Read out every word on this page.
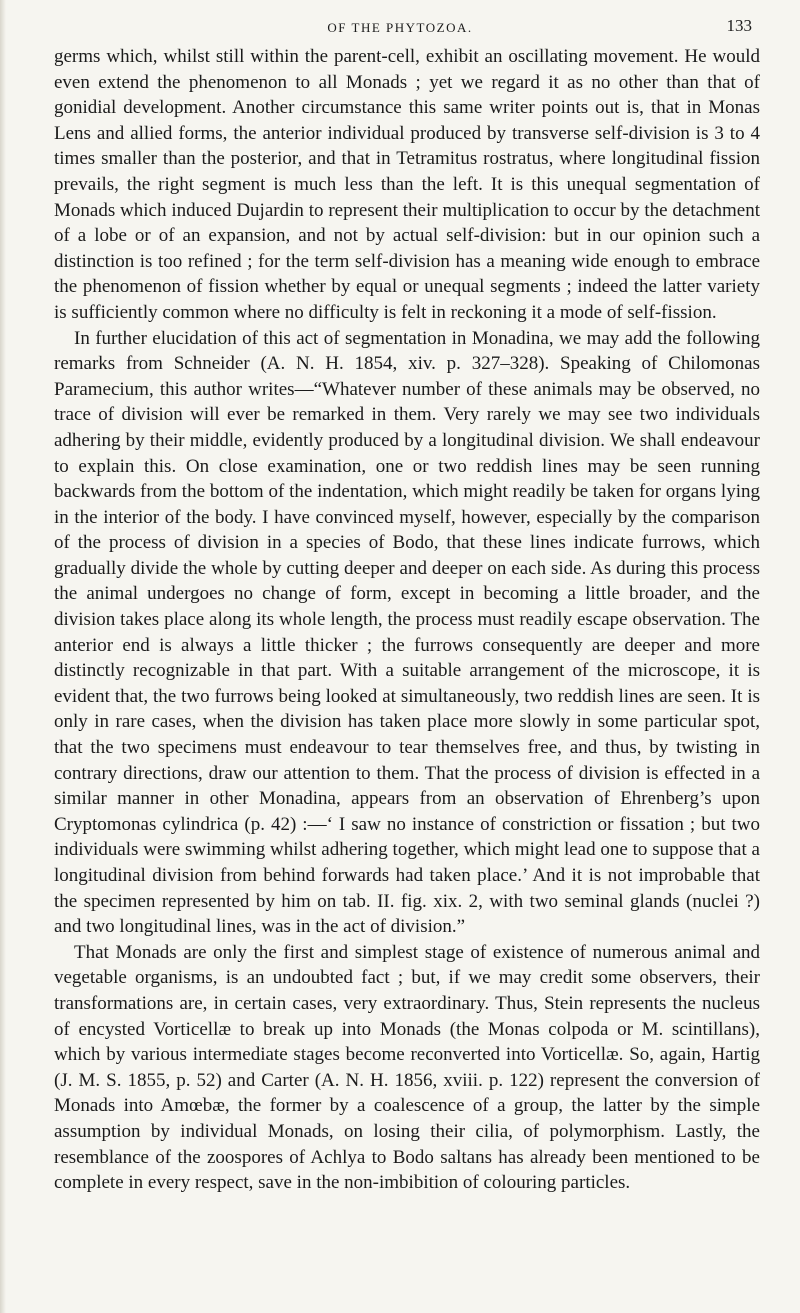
OF THE PHYTOZOA.	133

germs which, whilst still within the parent-cell, exhibit an oscillating movement. He would even extend the phenomenon to all Monads ; yet we regard it as no other than that of gonidial development. Another circumstance this same writer points out is, that in Monas Lens and allied forms, the anterior individual produced by transverse self-division is 3 to 4 times smaller than the posterior, and that in Tetramitus rostratus, where longitudinal fission prevails, the right segment is much less than the left. It is this unequal segmentation of Monads which induced Dujardin to represent their multiplication to occur by the detachment of a lobe or of an expansion, and not by actual self-division: but in our opinion such a distinction is too refined ; for the term self-division has a meaning wide enough to embrace the phenomenon of fission whether by equal or unequal segments ; indeed the latter variety is sufficiently common where no difficulty is felt in reckoning it a mode of self-fission.

In further elucidation of this act of segmentation in Monadina, we may add the following remarks from Schneider (A. N. H. 1854, xiv. p. 327–328). Speaking of Chilomonas Paramecium, this author writes—“Whatever number of these animals may be observed, no trace of division will ever be remarked in them. Very rarely we may see two individuals adhering by their middle, evidently produced by a longitudinal division. We shall endeavour to explain this. On close examination, one or two reddish lines may be seen running backwards from the bottom of the indentation, which might readily be taken for organs lying in the interior of the body. I have convinced myself, however, especially by the comparison of the process of division in a species of Bodo, that these lines indicate furrows, which gradually divide the whole by cutting deeper and deeper on each side. As during this process the animal undergoes no change of form, except in becoming a little broader, and the division takes place along its whole length, the process must readily escape observation. The anterior end is always a little thicker ; the furrows consequently are deeper and more distinctly recognizable in that part. With a suitable arrangement of the microscope, it is evident that, the two furrows being looked at simultaneously, two reddish lines are seen. It is only in rare cases, when the division has taken place more slowly in some particular spot, that the two specimens must endeavour to tear themselves free, and thus, by twisting in contrary directions, draw our attention to them. That the process of division is effected in a similar manner in other Monadina, appears from an observation of Ehrenberg’s upon Cryptomonas cylindrica (p. 42) :—‘ I saw no instance of constriction or fissation ; but two individuals were swimming whilst adhering together, which might lead one to suppose that a longitudinal division from behind forwards had taken place.’ And it is not improbable that the specimen represented by him on tab. II. fig. xix. 2, with two seminal glands (nuclei ?) and two longitudinal lines, was in the act of division.”

That Monads are only the first and simplest stage of existence of numerous animal and vegetable organisms, is an undoubted fact ; but, if we may credit some observers, their transformations are, in certain cases, very extraordinary. Thus, Stein represents the nucleus of encysted Vorticellæ to break up into Monads (the Monas colpoda or M. scintillans), which by various intermediate stages become reconverted into Vorticellæ. So, again, Hartig (J. M. S. 1855, p. 52) and Carter (A. N. H. 1856, xviii. p. 122) represent the conversion of Monads into Amœbæ, the former by a coalescence of a group, the latter by the simple assumption by individual Monads, on losing their cilia, of polymorphism. Lastly, the resemblance of the zoospores of Achlya to Bodo saltans has already been mentioned to be complete in every respect, save in the non-imbibition of colouring particles.
